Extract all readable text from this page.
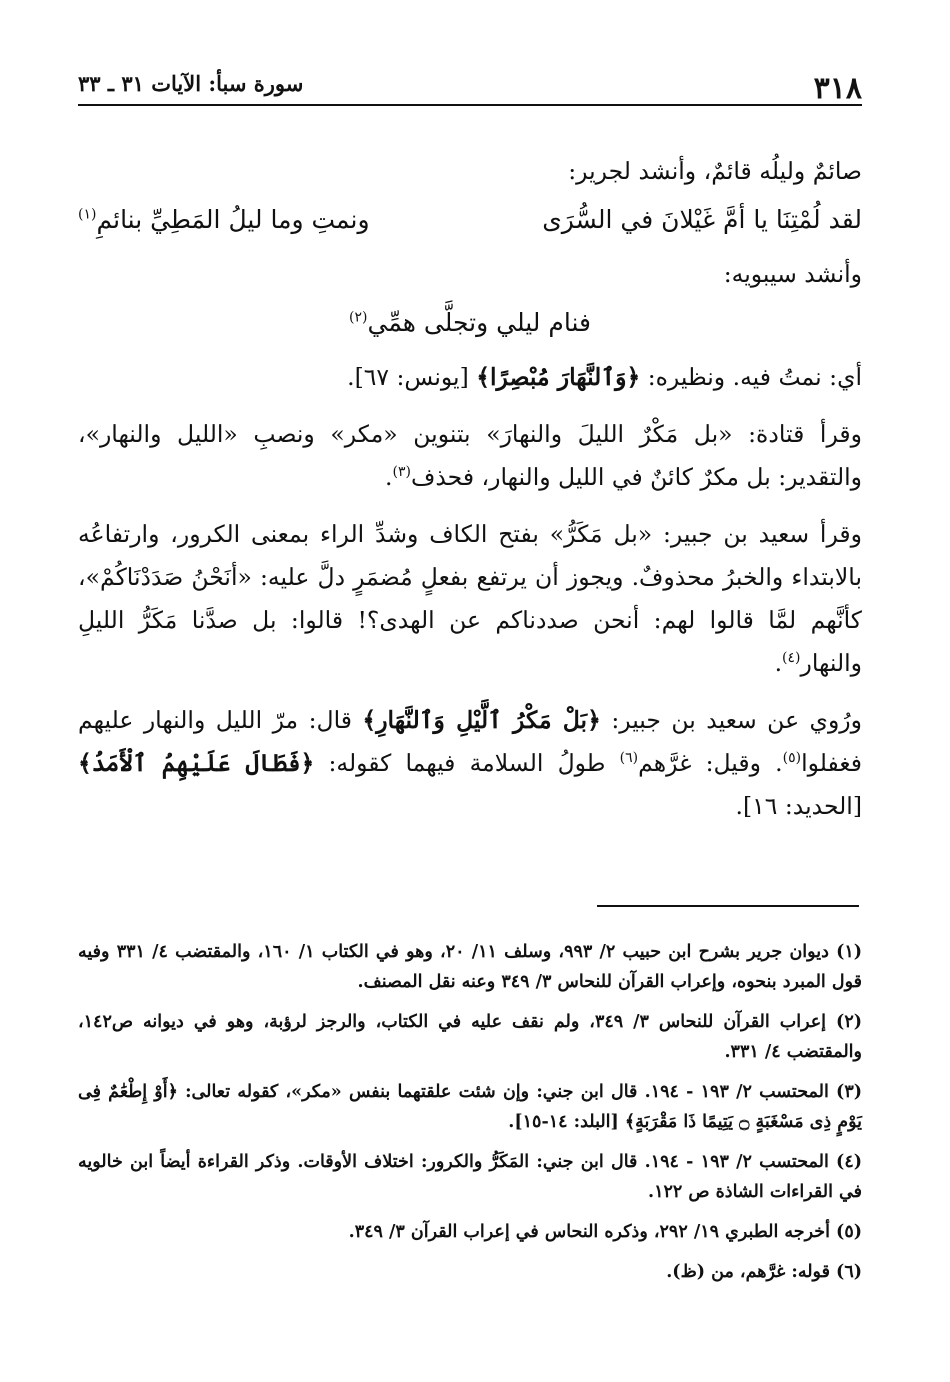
٣١٨
سورة سبأ: الآيات ٣١ ـ ٣٣

صائمٌ وليلُه قائمٌ، وأنشد لجرير:

لقد لُمْتِنَا يا أمَّ غَيْلانَ في السُّرَى
ونمتِ وما ليلُ المَطِيِّ بنائمِ$^{(١)}$

وأنشد سيبويه:

فنام ليلي وتجلَّى همِّي$^{(٢)}$

أي: نمتُ فيه. ونظيره: ﴿وَٱلنَّهَارَ مُبْصِرًا﴾ [يونس: ٦٧].

وقرأ قتادة: «بل مَكْرٌ الليلَ والنهارَ» بتنوين «مكر» ونصبِ «الليل والنهار»، والتقدير: بل مكرٌ كائنٌ في الليل والنهار، فحذف$^{(٣)}$.

وقرأ سعيد بن جبير: «بل مَكَرُّ» بفتح الكاف وشدِّ الراء بمعنى الكرور، وارتفاعُه بالابتداء والخبرُ محذوفٌ. ويجوز أن يرتفع بفعلٍ مُضمَرٍ دلَّ عليه: «أنَحْنُ صَدَدْنَاكُمْ»، كأنَّهم لمَّا قالوا لهم: أنحن صددناكم عن الهدى؟! قالوا: بل صدَّنا مَكَرُّ الليلِ والنهار$^{(٤)}$.

ورُوي عن سعيد بن جبير: ﴿بَلْ مَكْرُ ٱلَّيْلِ وَٱلنَّهَارِ﴾ قال: مرّ الليل والنهار عليهم فغفلوا$^{(٥)}$. وقيل: غرَّهم$^{(٦)}$ طولُ السلامة فيهما كقوله: ﴿فَطَالَ عَلَيْهِمُ ٱلْأَمَدُ﴾ [الحديد: ١٦].

(١) ديوان جرير بشرح ابن حبيب ٢/ ٩٩٣، وسلف ١١/ ٢٠، وهو في الكتاب ١/ ١٦٠، والمقتضب ٤/ ٣٣١ وفيه قول المبرد بنحوه، وإعراب القرآن للنحاس ٣/ ٣٤٩ وعنه نقل المصنف.
(٢) إعراب القرآن للنحاس ٣/ ٣٤٩، ولم نقف عليه في الكتاب، والرجز لرؤبة، وهو في ديوانه ص١٤٢، والمقتضب ٤/ ٣٣١.
(٣) المحتسب ٢/ ١٩٣ - ١٩٤. قال ابن جني: وإن شئت علقتهما بنفس «مكر»، كقوله تعالى: ﴿أَوْ إِطْعَٰمٌ فِى يَوْمٍ ذِى مَسْغَبَةٍ ۝ يَتِيمًا ذَا مَقْرَبَةٍ﴾ [البلد: ١٤-١٥].
(٤) المحتسب ٢/ ١٩٣ - ١٩٤. قال ابن جني: المَكَرُّ والكرور: اختلاف الأوقات. وذكر القراءة أيضاً ابن خالويه في القراءات الشاذة ص ١٢٢.
(٥) أخرجه الطبري ١٩/ ٢٩٢، وذكره النحاس في إعراب القرآن ٣/ ٣٤٩.
(٦) قوله: غرَّهم، من (ظ).
